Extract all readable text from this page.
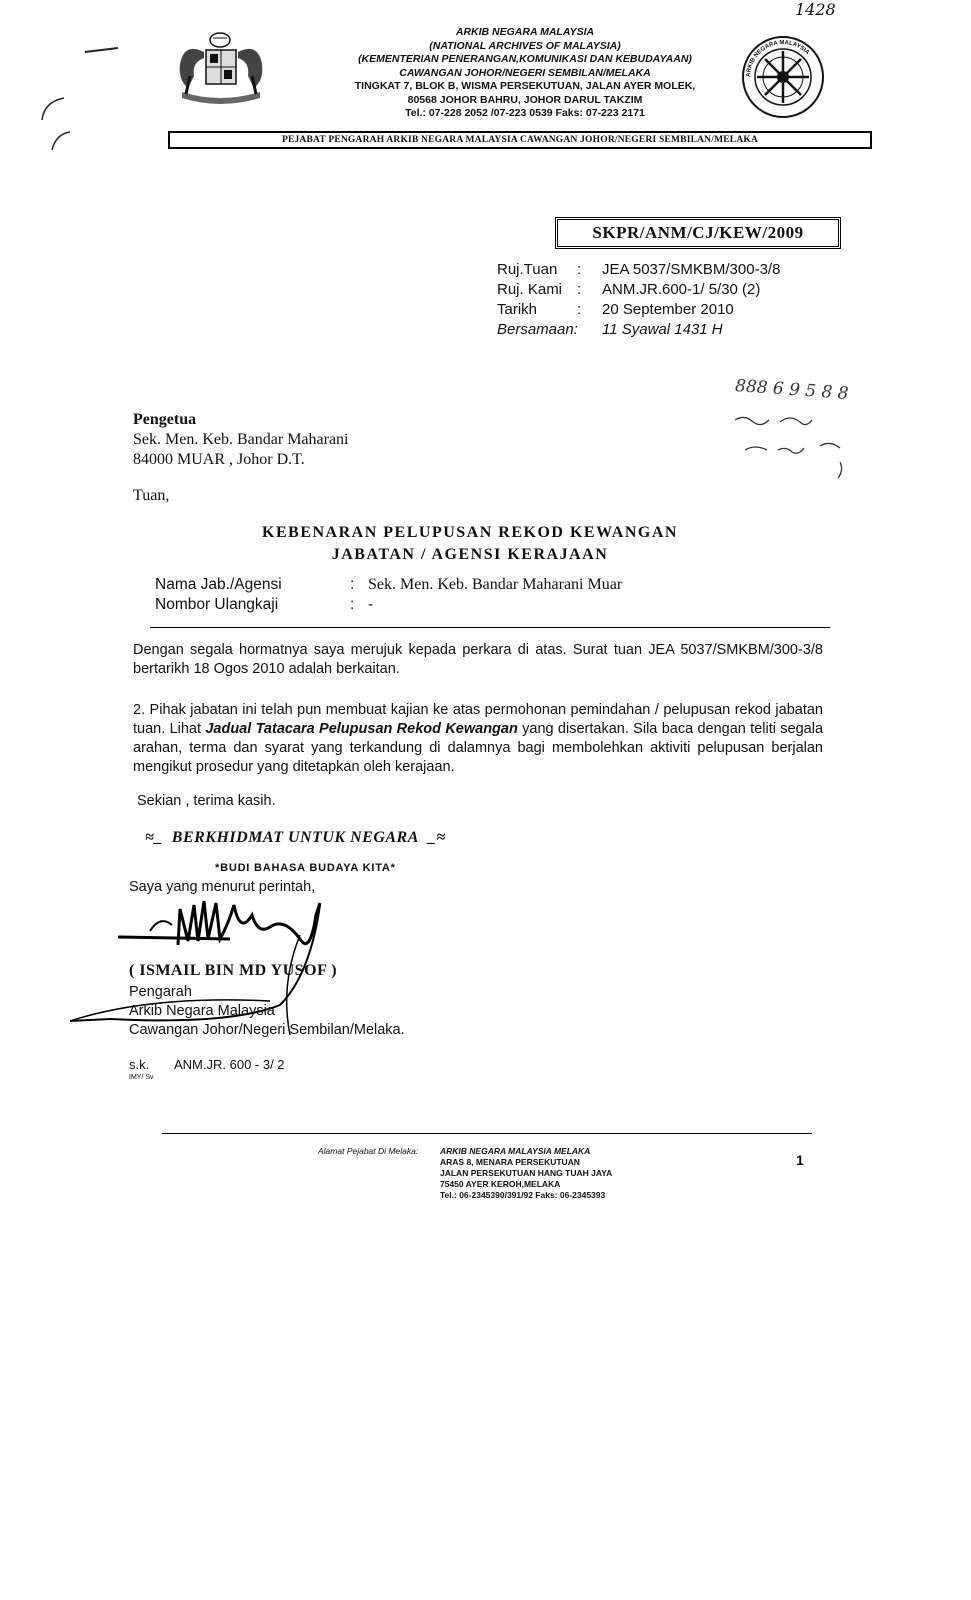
1428
ARKIB NEGARA MALAYSIA
(NATIONAL ARCHIVES OF MALAYSIA)
(KEMENTERIAN PENERANGAN,KOMUNIKASI DAN KEBUDAYAAN)
CAWANGAN JOHOR/NEGERI SEMBILAN/MELAKA
TINGKAT 7, BLOK B, WISMA PERSEKUTUAN, JALAN AYER MOLEK,
80568 JOHOR BAHRU, JOHOR DARUL TAKZIM
Tel.: 07-228 2052 /07-223 0539 Faks: 07-223 2171
ARKIB NEGARA MALAYSIA
PEJABAT PENGARAH ARKIB NEGARA MALAYSIA CAWANGAN JOHOR/NEGERI SEMBILAN/MELAKA
SKPR/ANM/CJ/KEW/2009
Ruj.Tuan : JEA 5037/SMKBM/300-3/8
Ruj. Kami : ANM.JR.600-1/ 5/30 (2)
Tarikh	: 20 September 2010
Bersamaan: 11 Syawal 1431 H
888 6 9 5 8 8
Pengetua
Sek. Men. Keb. Bandar Maharani
84000 MUAR , Johor D.T.
Tuan,
KEBENARAN PELUPUSAN REKOD KEWANGAN
JABATAN / AGENSI KERAJAAN
Nama Jab./Agensi	: Sek. Men. Keb. Bandar Maharani Muar
Nombor Ulangkaji	: -
Dengan segala hormatnya saya merujuk kepada perkara di atas. Surat tuan JEA 5037/SMKBM/300-3/8 bertarikh 18 Ogos 2010 adalah berkaitan.
2. Pihak jabatan ini telah pun membuat kajian ke atas permohonan pemindahan / pelupusan rekod jabatan tuan. Lihat Jadual Tatacara Pelupusan Rekod Kewangan yang disertakan. Sila baca dengan teliti segala arahan, terma dan syarat yang terkandung di dalamnya bagi membolehkan aktiviti pelupusan berjalan mengikut prosedur yang ditetapkan oleh kerajaan.
Sekian , terima kasih.
≈_ BERKHIDMAT UNTUK NEGARA _≈
*BUDI BAHASA BUDAYA KITA*
Saya yang menurut perintah,
( ISMAIL BIN MD YUSOF )
Pengarah
Arkib Negara Malaysia
Cawangan Johor/Negeri Sembilan/Melaka.
s.k. ANM.JR. 600 - 3/ 2
IMY/ Sv
Alamat Pejabat Di Melaka:	ARKIB NEGARA MALAYSIA MELAKA
ARAS 8, MENARA PERSEKUTUAN
JALAN PERSEKUTUAN HANG TUAH JAYA
75450 AYER KEROH,MELAKA
Tel.: 06-2345390/391/92 Faks: 06-2345393
1
